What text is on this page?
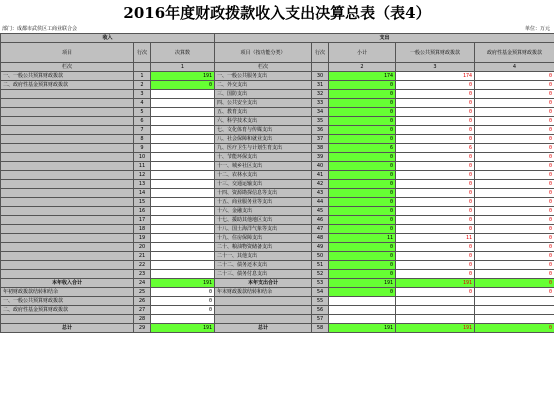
2016年度财政拨款收入支出决算总表（表4）
部门：成都市武侯区工商业联合会	单位：万元
收入			支出				
项目	行次	决算数	项目（按功能分类）	行次	小计	一般公共预算财政拨款	政府性基金预算财政拨款
栏次		1	栏次		2	3	4
一、一般公共预算财政拨款	1	191	一、一般公共服务支出	30	174	174	0
二、政府性基金预算财政拨款	2	0	二、外交支出	31	0	0	0
	3		三、国防支出	32	0	0	0
	4		四、公共安全支出	33	0	0	0
	5		五、教育支出	34	0	0	0
	6		六、科学技术支出	35	0	0	0
	7		七、文化体育与传媒支出	36	0	0	0
	8		八、社会保障和就业支出	37	0	0	0
	9		九、医疗卫生与计划生育支出	38	6	6	0
	10		十、节能环保支出	39	0	0	0
	11		十一、城乡社区支出	40	0	0	0
	12		十二、农林水支出	41	0	0	0
	13		十三、交通运输支出	42	0	0	0
	14		十四、资源勘探信息等支出	43	0	0	0
	15		十五、商业服务业等支出	44	0	0	0
	16		十六、金融支出	45	0	0	0
	17		十七、援助其他地区支出	46	0	0	0
	18		十八、国土海洋气象等支出	47	0	0	0
	19		十九、住房保障支出	48	11	11	0
	20		二十、粮油物资储备支出	49	0	0	0
	21		二十一、其他支出	50	0	0	0
	22		二十二、债务还本支出	51	0	0	0
	23		二十三、债务付息支出	52	0	0	0
本年收入合计	24	191	本年支出合计	53	191	191	0
年初财政拨款结转和结余	25	0	年末财政拨款结转和结余	54	0	0	0
一、一般公共预算财政拨款	26	0		55			
二、政府性基金预算财政拨款	27	0		56			
	28			57			
总计	29	191	总计	58	191	191	0
